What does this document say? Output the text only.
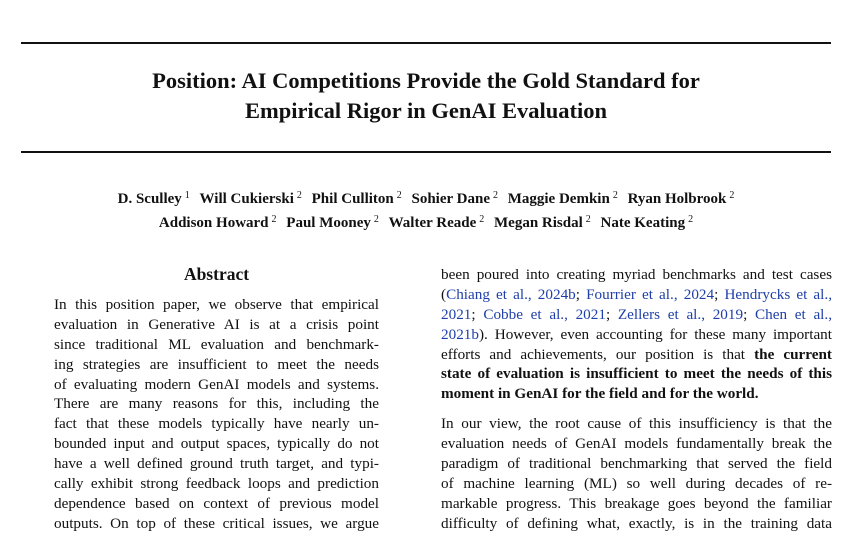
Position: AI Competitions Provide the Gold Standard for
Empirical Rigor in GenAI Evaluation
D. Sculley $^1$ Will Cukierski $^2$ Phil Culliton $^2$ Sohier Dane $^2$ Maggie Demkin $^2$ Ryan Holbrook $^2$
Addison Howard $^2$ Paul Mooney $^2$ Walter Reade $^2$ Megan Risdal $^2$ Nate Keating $^2$
Abstract
In this position paper, we observe that empirical
evaluation in Generative AI is at a crisis point
since traditional ML evaluation and benchmark-
ing strategies are insufficient to meet the needs
of evaluating modern GenAI models and systems.
There are many reasons for this, including the
fact that these models typically have nearly un-
bounded input and output spaces, typically do not
have a well defined ground truth target, and typi-
cally exhibit strong feedback loops and prediction
dependence based on context of previous model
outputs. On top of these critical issues, we argue
been poured into creating myriad benchmarks and test cases
(Chiang et al., 2024b; Fourrier et al., 2024; Hendrycks et al.,
2021; Cobbe et al., 2021; Zellers et al., 2019; Chen et al.,
2021b). However, even accounting for these many important
efforts and achievements, our position is that the current
state of evaluation is insufficient to meet the needs of this
moment in GenAI for the field and for the world.
In our view, the root cause of this insufficiency is that the
evaluation needs of GenAI models fundamentally break the
paradigm of traditional benchmarking that served the field
of machine learning (ML) so well during decades of re-
markable progress. This breakage goes beyond the familiar
difficulty of defining what, exactly, is in the training data
